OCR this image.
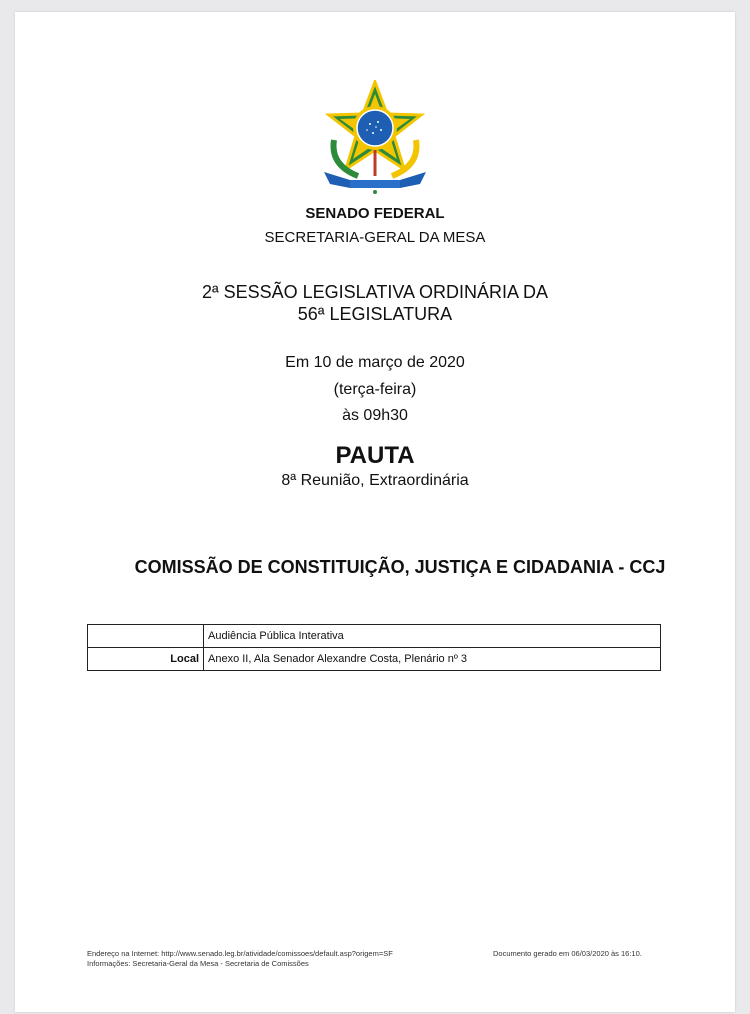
SENADO FEDERAL
SECRETARIA-GERAL DA MESA
2ª SESSÃO LEGISLATIVA ORDINÁRIA DA
56ª LEGISLATURA
Em 10 de março de 2020
(terça-feira)
às 09h30
PAUTA
8ª Reunião, Extraordinária
COMISSÃO DE CONSTITUIÇÃO, JUSTIÇA E CIDADANIA - CCJ
	Audiência Pública Interativa
Local	Anexo II, Ala Senador Alexandre Costa, Plenário nº 3
Endereço na Internet: http://www.senado.leg.br/atividade/comissoes/default.asp?origem=SF
Informações: Secretaria-Geral da Mesa - Secretaria de Comissões
Documento gerado em 06/03/2020 às 16:10.
